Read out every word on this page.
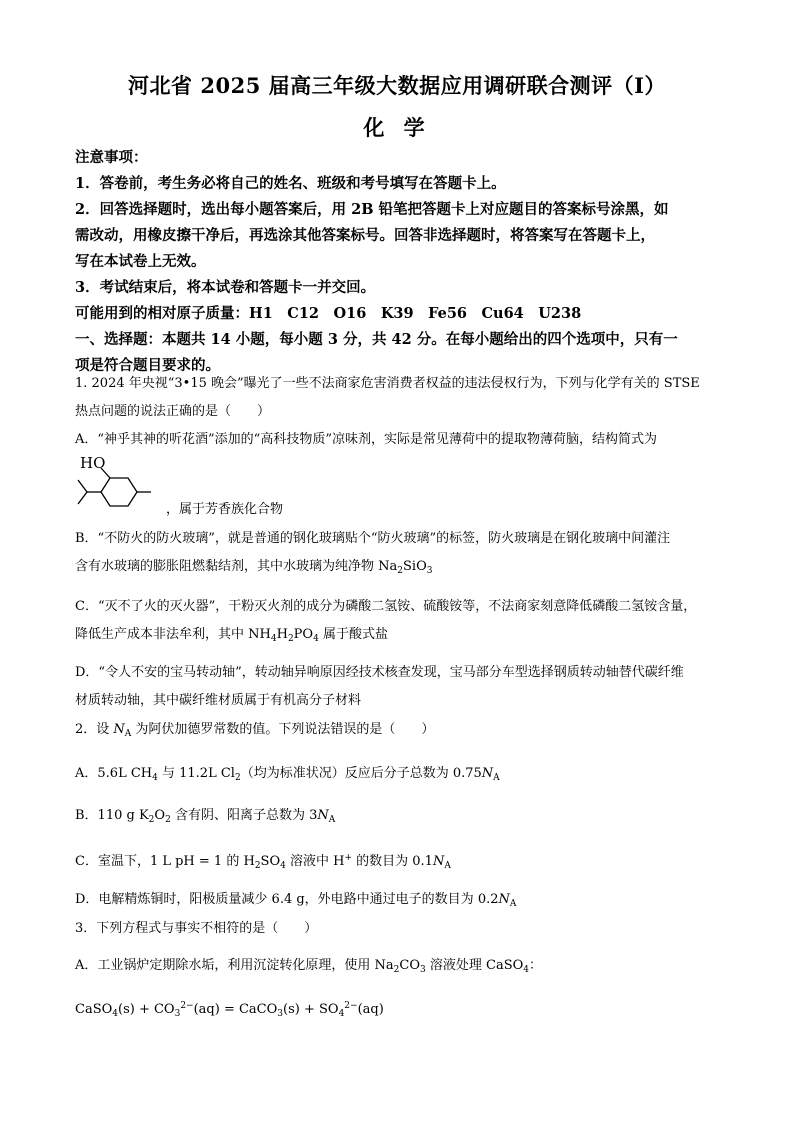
河北省 2025 届高三年级大数据应用调研联合测评（I）
化 学
注意事项：
1．答卷前，考生务必将自己的姓名、班级和考号填写在答题卡上。
2．回答选择题时，选出每小题答案后，用 2B 铅笔把答题卡上对应题目的答案标号涂黑，如
需改动，用橡皮擦干净后，再选涂其他答案标号。回答非选择题时，将答案写在答题卡上，
写在本试卷上无效。
3．考试结束后，将本试卷和答题卡一并交回。
可能用到的相对原子质量：H1　C12　O16　K39　Fe56　Cu64　U238
一、选择题：本题共 14 小题，每小题 3 分，共 42 分。在每小题给出的四个选项中，只有一
项是符合题目要求的。
1. 2024 年央视“3•15 晚会”曝光了一些不法商家危害消费者权益的违法侵权行为，下列与化学有关的 STSE
热点问题的说法正确的是（　　）
A．“神乎其神的听花酒”添加的“高科技物质”凉味剂，实际是常见薄荷中的提取物薄荷脑，结构简式为
HO
，属于芳香族化合物
B．“不防火的防火玻璃”，就是普通的钢化玻璃贴个“防火玻璃”的标签，防火玻璃是在钢化玻璃中间灌注
含有水玻璃的膨胀阻燃黏结剂，其中水玻璃为纯净物 $Na_2SiO_3$
C．“灭不了火的灭火器”，干粉灭火剂的成分为磷酸二氢铵、硫酸铵等，不法商家刻意降低磷酸二氢铵含量，
降低生产成本非法牟利，其中 $NH_4H_2PO_4$ 属于酸式盐
D．“令人不安的宝马转动轴”，转动轴异响原因经技术核查发现，宝马部分车型选择钢质转动轴替代碳纤维
材质转动轴，其中碳纤维材质属于有机高分子材料
2．设 $N_A$ 为阿伏加德罗常数的值。下列说法错误的是（　　）
A．5.6L $CH_4$ 与 11.2L $Cl_2$（均为标准状况）反应后分子总数为 $0.75N_A$
B．110 g $K_2O_2$ 含有阴、阳离子总数为 $3N_A$
C．室温下，1 L pH = 1 的 $H_2SO_4$ 溶液中 H+ 的数目为 $0.1N_A$
D．电解精炼铜时，阳极质量减少 6.4 g，外电路中通过电子的数目为 $0.2N_A$
3．下列方程式与事实不相符的是（　　）
A．工业锅炉定期除水垢，利用沉淀转化原理，使用 $Na_2CO_3$ 溶液处理 CaSO$_4$：
CaSO$_4$(s) + $CO_3^{2-}(aq)$ = CaCO$_3$(s) + $SO_4^{2-}(aq)$
